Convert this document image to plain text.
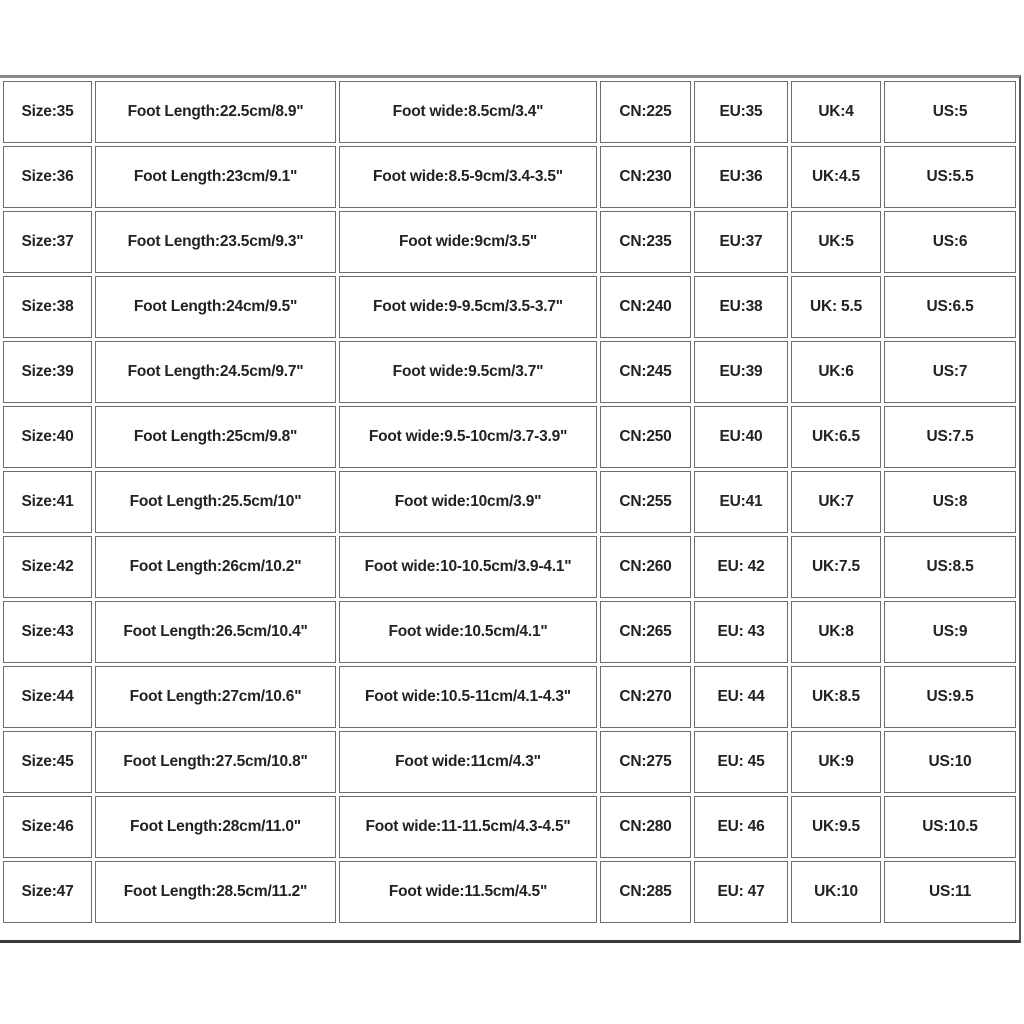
Size:35	Foot Length:22.5cm/8.9"	Foot wide:8.5cm/3.4"	CN:225	EU:35	UK:4	US:5
Size:36	Foot Length:23cm/9.1"	Foot wide:8.5-9cm/3.4-3.5"	CN:230	EU:36	UK:4.5	US:5.5
Size:37	Foot Length:23.5cm/9.3"	Foot wide:9cm/3.5"	CN:235	EU:37	UK:5	US:6
Size:38	Foot Length:24cm/9.5"	Foot wide:9-9.5cm/3.5-3.7"	CN:240	EU:38	UK: 5.5	US:6.5
Size:39	Foot Length:24.5cm/9.7"	Foot wide:9.5cm/3.7"	CN:245	EU:39	UK:6	US:7
Size:40	Foot Length:25cm/9.8"	Foot wide:9.5-10cm/3.7-3.9"	CN:250	EU:40	UK:6.5	US:7.5
Size:41	Foot Length:25.5cm/10"	Foot wide:10cm/3.9"	CN:255	EU:41	UK:7	US:8
Size:42	Foot Length:26cm/10.2"	Foot wide:10-10.5cm/3.9-4.1"	CN:260	EU: 42	UK:7.5	US:8.5
Size:43	Foot Length:26.5cm/10.4"	Foot wide:10.5cm/4.1"	CN:265	EU: 43	UK:8	US:9
Size:44	Foot Length:27cm/10.6"	Foot wide:10.5-11cm/4.1-4.3"	CN:270	EU: 44	UK:8.5	US:9.5
Size:45	Foot Length:27.5cm/10.8"	Foot wide:11cm/4.3"	CN:275	EU: 45	UK:9	US:10
Size:46	Foot Length:28cm/11.0"	Foot wide:11-11.5cm/4.3-4.5"	CN:280	EU: 46	UK:9.5	US:10.5
Size:47	Foot Length:28.5cm/11.2"	Foot wide:11.5cm/4.5"	CN:285	EU: 47	UK:10	US:11
